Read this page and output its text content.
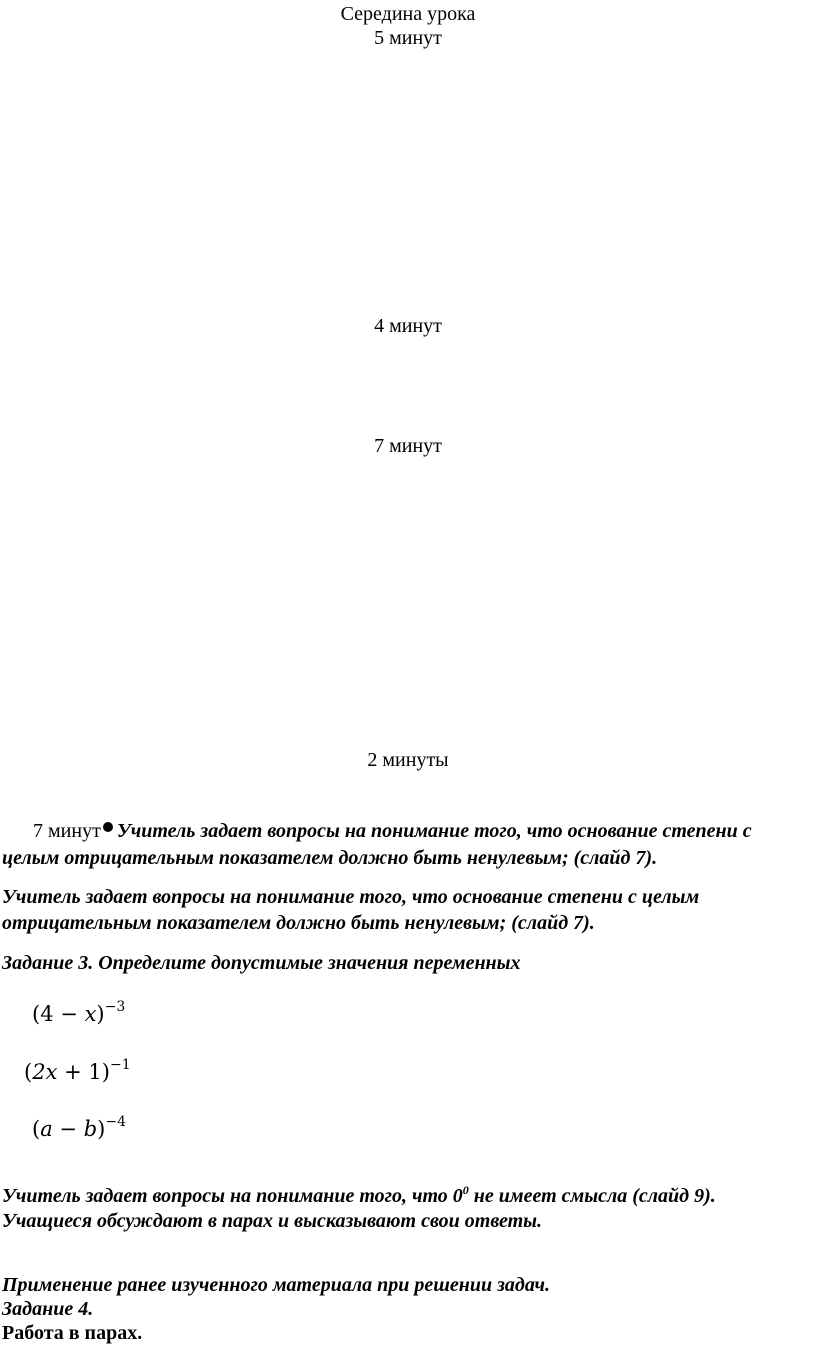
Середина урока
5 минут
4 минут
7 минут
2 минуты
7 минут Учитель задает вопросы на понимание того, что основание степени с
целым отрицательным показателем должно быть ненулевым; (слайд 7).
Учитель задает вопросы на понимание того, что основание степени с целым
отрицательным показателем должно быть ненулевым; (слайд 7).
Задание 3. Определите допустимые значения переменных
$(4 - x)^{-3}$
$(2x + 1)^{-1}$
$(a - b)^{-4}$
Учитель задает вопросы на понимание того, что $0^0$ не имеет смысла (слайд 9).
Учащиеся обсуждают в парах и высказывают свои ответы.
Применение ранее изученного материала при решении задач.
Задание 4.
Работа в парах.
